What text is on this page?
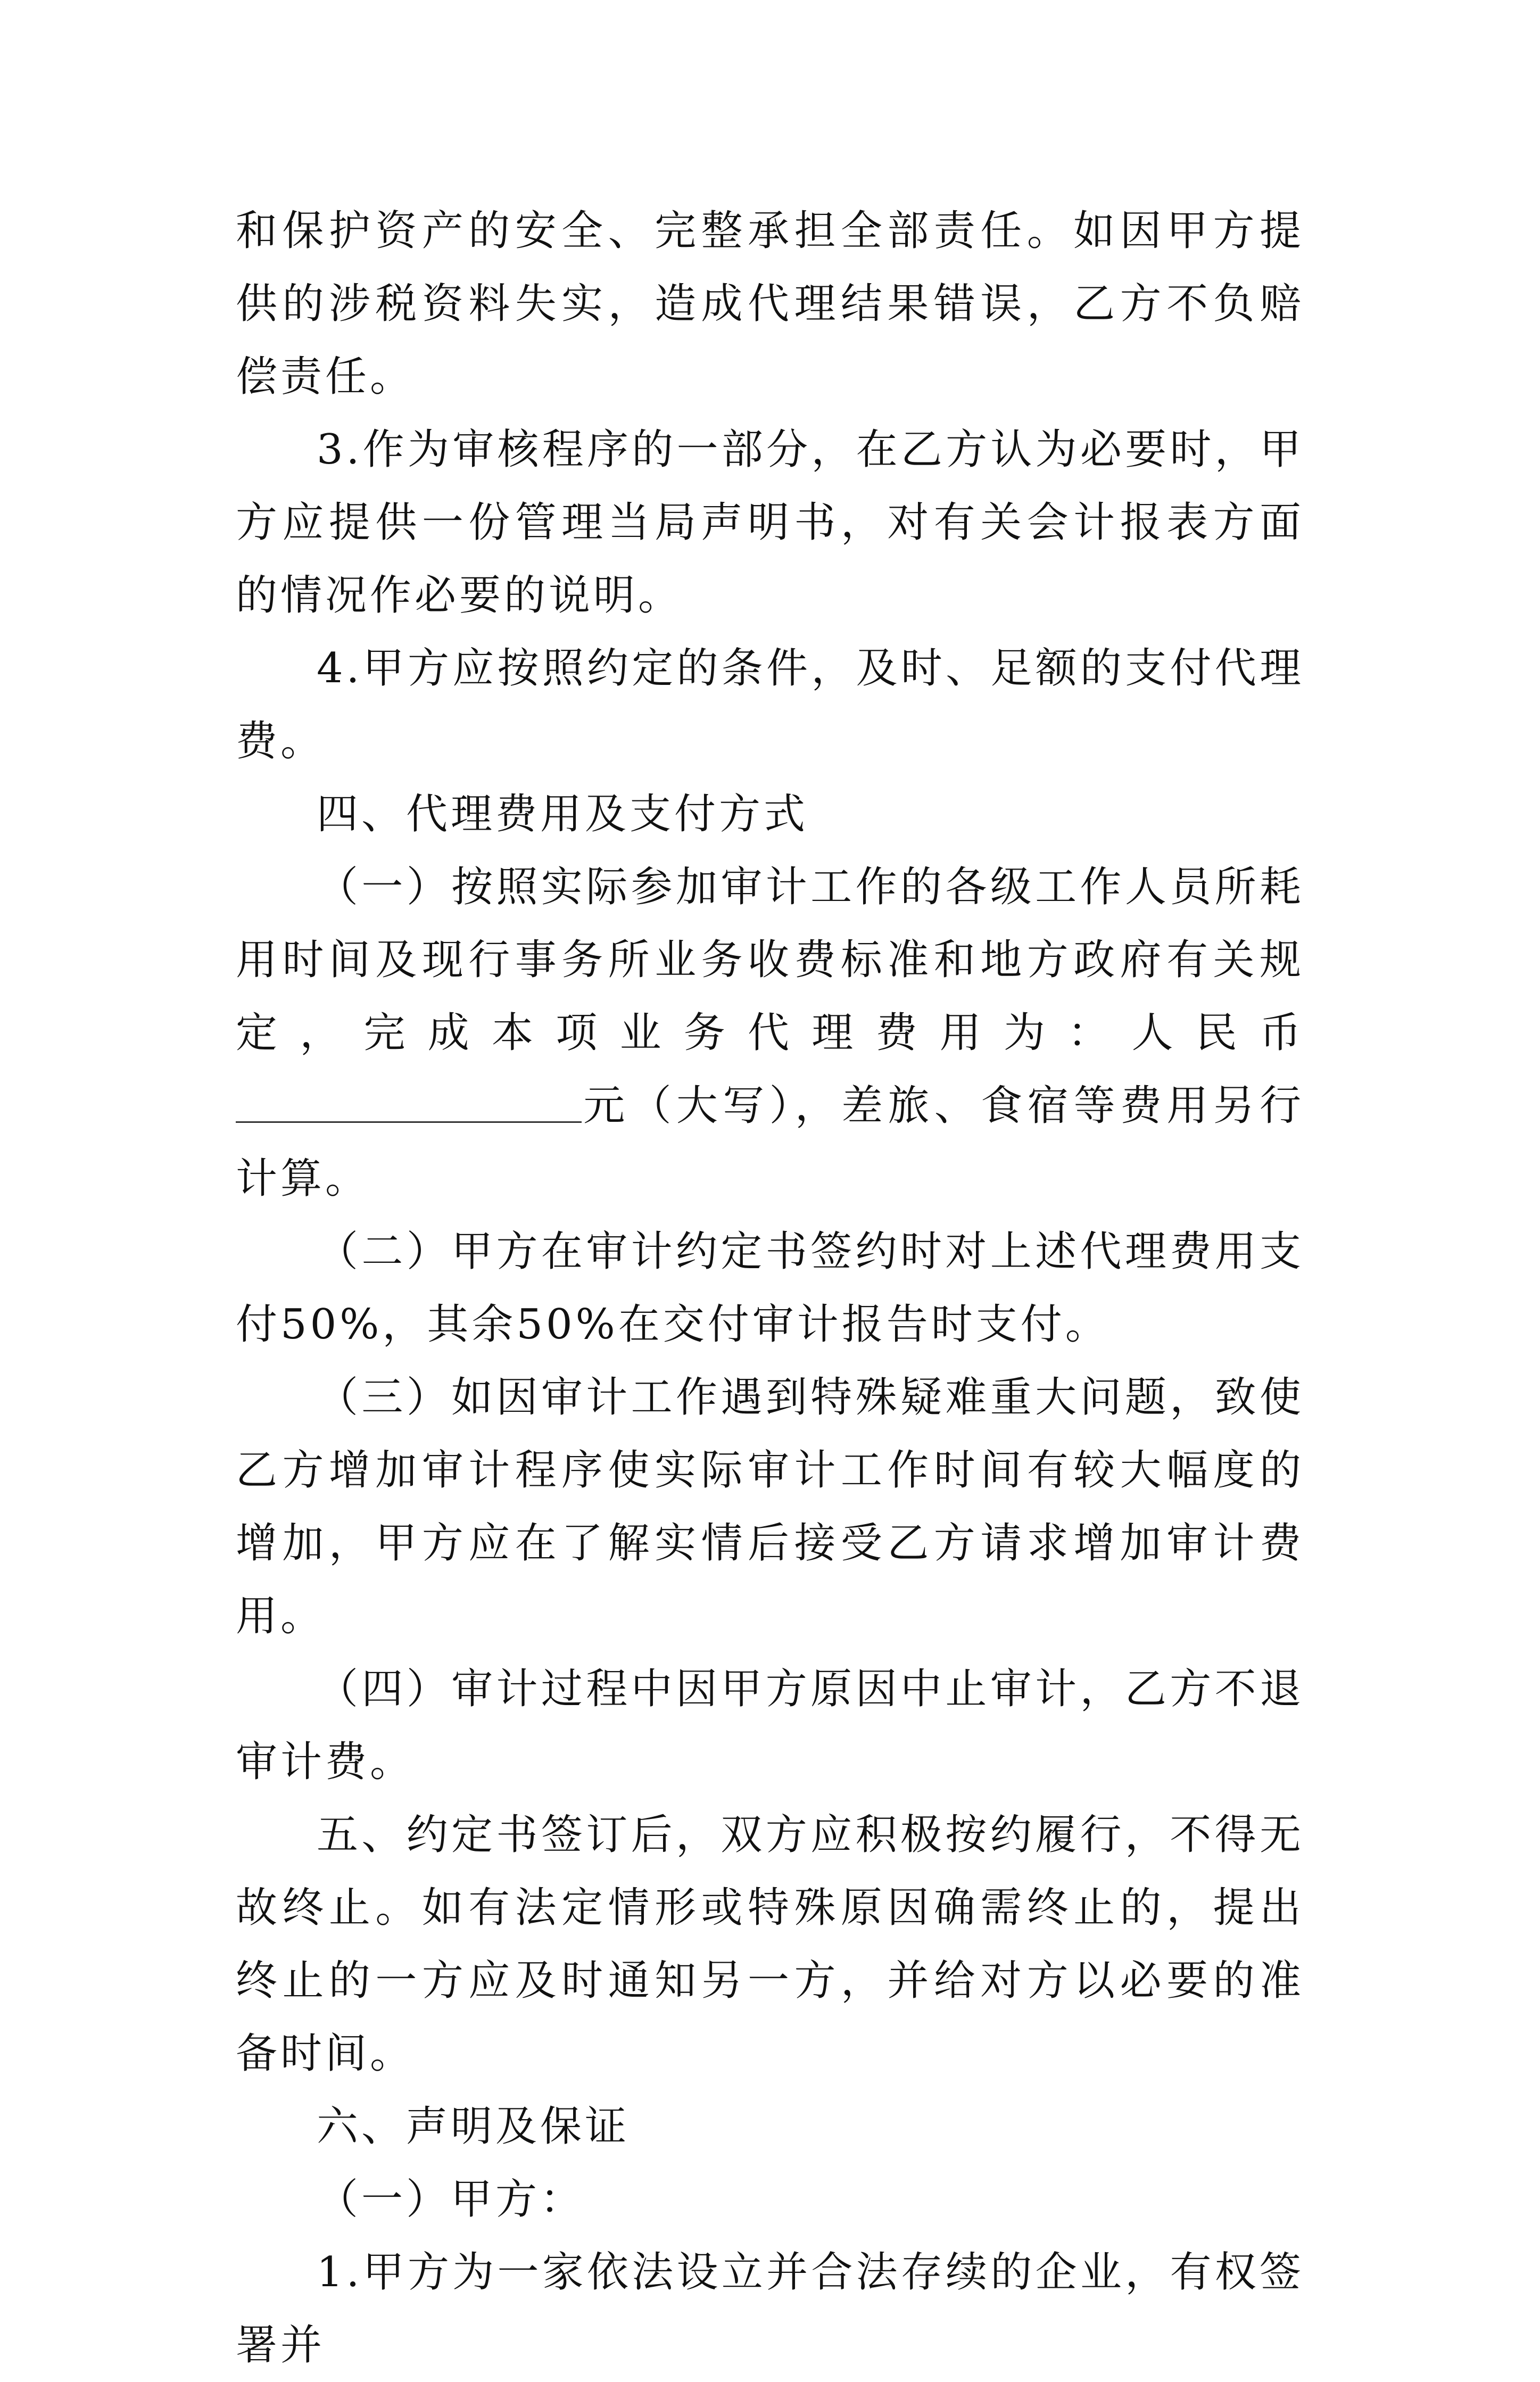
和保护资产的安全、完整承担全部责任。如因甲方提供的涉税资料失实，造成代理结果错误，乙方不负赔偿责任。

3.作为审核程序的一部分，在乙方认为必要时，甲方应提供一份管理当局声明书，对有关会计报表方面的情况作必要的说明。

4.甲方应按照约定的条件，及时、足额的支付代理费。

四、代理费用及支付方式

（一）按照实际参加审计工作的各级工作人员所耗用时间及现行事务所业务收费标准和地方政府有关规定，完成本项业务代理费用为：人民币元（大写），差旅、食宿等费用另行计算。

（二）甲方在审计约定书签约时对上述代理费用支付50%，其余50%在交付审计报告时支付。

（三）如因审计工作遇到特殊疑难重大问题，致使乙方增加审计程序使实际审计工作时间有较大幅度的增加，甲方应在了解实情后接受乙方请求增加审计费用。

（四）审计过程中因甲方原因中止审计，乙方不退审计费。

五、约定书签订后，双方应积极按约履行，不得无故终止。如有法定情形或特殊原因确需终止的，提出终止的一方应及时通知另一方，并给对方以必要的准备时间。

六、声明及保证

（一）甲方：

1.甲方为一家依法设立并合法存续的企业，有权签署并
